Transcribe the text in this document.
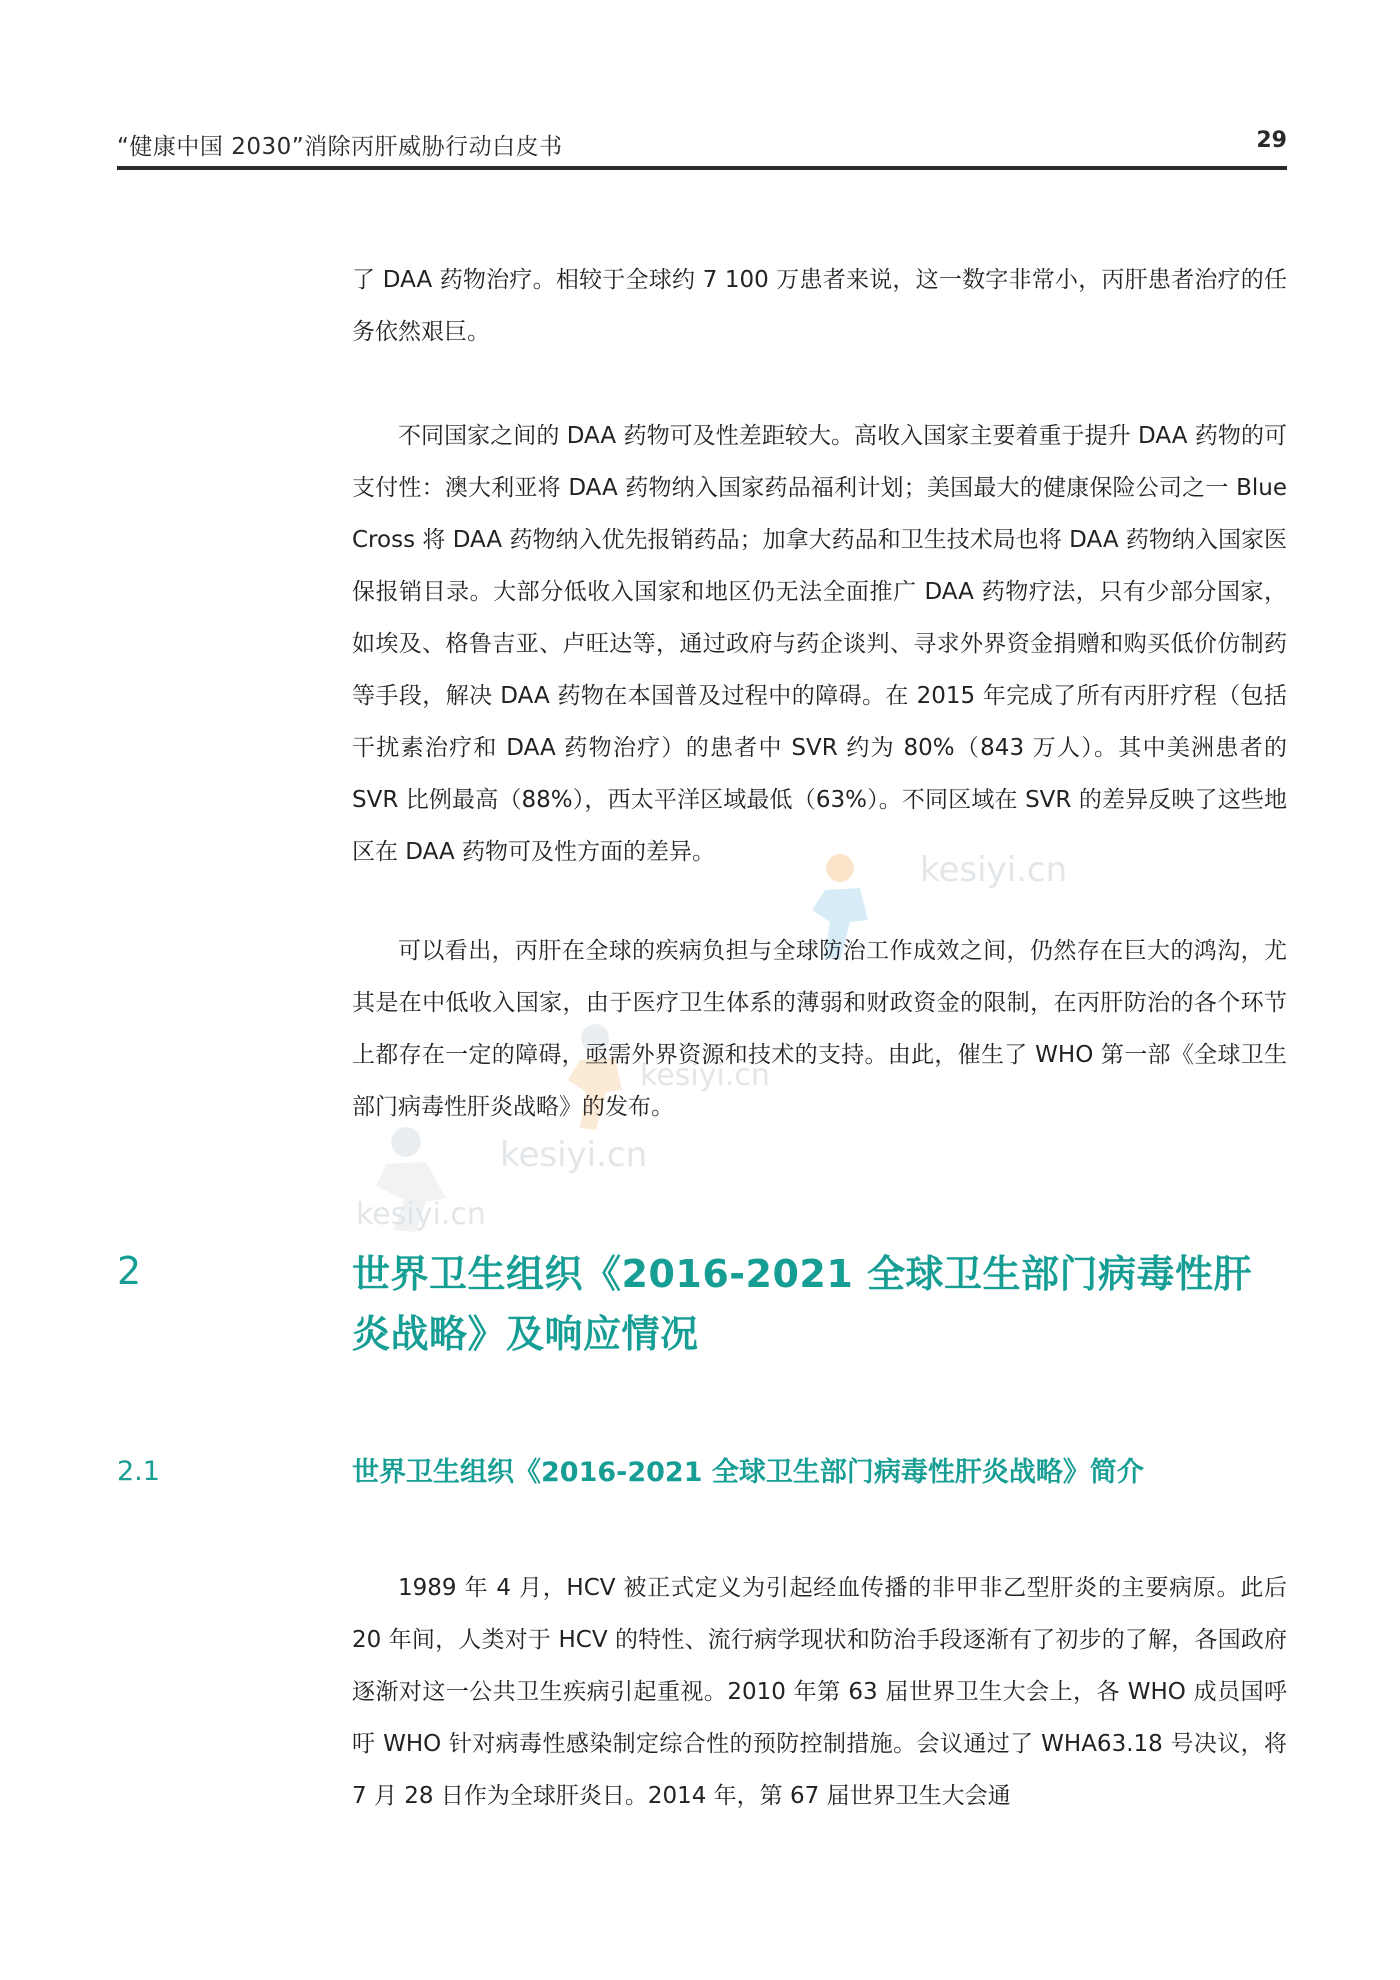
“健康中国 2030”消除丙肝威胁行动白皮书	29
kesiyi.cn
kesiyi.cn
kesiyi.cn
kesiyi.cn

了 DAA 药物治疗。相较于全球约 7 100 万患者来说，这一数字非常小，丙肝患者治疗的任务依然艰巨。

不同国家之间的 DAA 药物可及性差距较大。高收入国家主要着重于提升 DAA 药物的可支付性：澳大利亚将 DAA 药物纳入国家药品福利计划；美国最大的健康保险公司之一 Blue Cross 将 DAA 药物纳入优先报销药品；加拿大药品和卫生技术局也将 DAA 药物纳入国家医保报销目录。大部分低收入国家和地区仍无法全面推广 DAA 药物疗法，只有少部分国家，如埃及、格鲁吉亚、卢旺达等，通过政府与药企谈判、寻求外界资金捐赠和购买低价仿制药等手段，解决 DAA 药物在本国普及过程中的障碍。在 2015 年完成了所有丙肝疗程（包括干扰素治疗和 DAA 药物治疗）的患者中 SVR 约为 80%（843 万人）。其中美洲患者的 SVR 比例最高（88%），西太平洋区域最低（63%）。不同区域在 SVR 的差异反映了这些地区在 DAA 药物可及性方面的差异。

可以看出，丙肝在全球的疾病负担与全球防治工作成效之间，仍然存在巨大的鸿沟，尤其是在中低收入国家，由于医疗卫生体系的薄弱和财政资金的限制，在丙肝防治的各个环节上都存在一定的障碍，亟需外界资源和技术的支持。由此，催生了 WHO 第一部《全球卫生部门病毒性肝炎战略》的发布。

2	世界卫生组织《2016-2021 全球卫生部门病毒性肝炎战略》及响应情况
2.1	世界卫生组织《2016-2021 全球卫生部门病毒性肝炎战略》简介

1989 年 4 月，HCV 被正式定义为引起经血传播的非甲非乙型肝炎的主要病原。此后 20 年间，人类对于 HCV 的特性、流行病学现状和防治手段逐渐有了初步的了解，各国政府逐渐对这一公共卫生疾病引起重视。2010 年第 63 届世界卫生大会上，各 WHO 成员国呼吁 WHO 针对病毒性感染制定综合性的预防控制措施。会议通过了 WHA63.18 号决议，将 7 月 28 日作为全球肝炎日。2014 年，第 67 届世界卫生大会通
